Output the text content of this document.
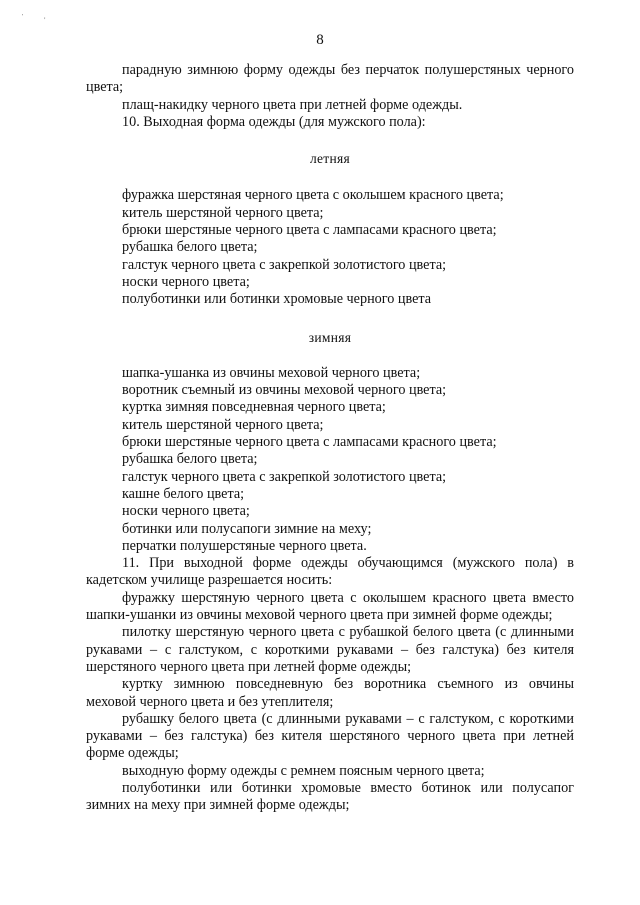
'	,
8

парадную зимнюю форму одежды без перчаток полушерстяных черного цвета;

плащ-накидку черного цвета при летней форме одежды.

10. Выходная форма одежды (для мужского пола):

летняя

фуражка шерстяная черного цвета с околышем красного цвета;

китель шерстяной черного цвета;

брюки шерстяные черного цвета с лампасами красного цвета;

рубашка белого цвета;

галстук черного цвета с закрепкой золотистого цвета;

носки черного цвета;

полуботинки или ботинки хромовые черного цвета

зимняя

шапка-ушанка из овчины меховой черного цвета;

воротник съемный из овчины меховой черного цвета;

куртка зимняя повседневная черного цвета;

китель шерстяной черного цвета;

брюки шерстяные черного цвета с лампасами красного цвета;

рубашка белого цвета;

галстук черного цвета с закрепкой золотистого цвета;

кашне белого цвета;

носки черного цвета;

ботинки или полусапоги зимние на меху;

перчатки полушерстяные черного цвета.

11. При выходной форме одежды обучающимся (мужского пола) в кадетском училище разрешается носить:

фуражку шерстяную черного цвета с околышем красного цвета вместо шапки-ушанки из овчины меховой черного цвета при зимней форме одежды;

пилотку шерстяную черного цвета с рубашкой белого цвета (с длинными рукавами – с галстуком, с короткими рукавами – без галстука) без кителя шерстяного черного цвета при летней форме одежды;

куртку зимнюю повседневную без воротника съемного из овчины меховой черного цвета и без утеплителя;

рубашку белого цвета (с длинными рукавами – с галстуком, с короткими рукавами – без галстука) без кителя шерстяного черного цвета при летней форме одежды;

выходную форму одежды с ремнем поясным черного цвета;

полуботинки или ботинки хромовые вместо ботинок или полусапог зимних на меху при зимней форме одежды;
